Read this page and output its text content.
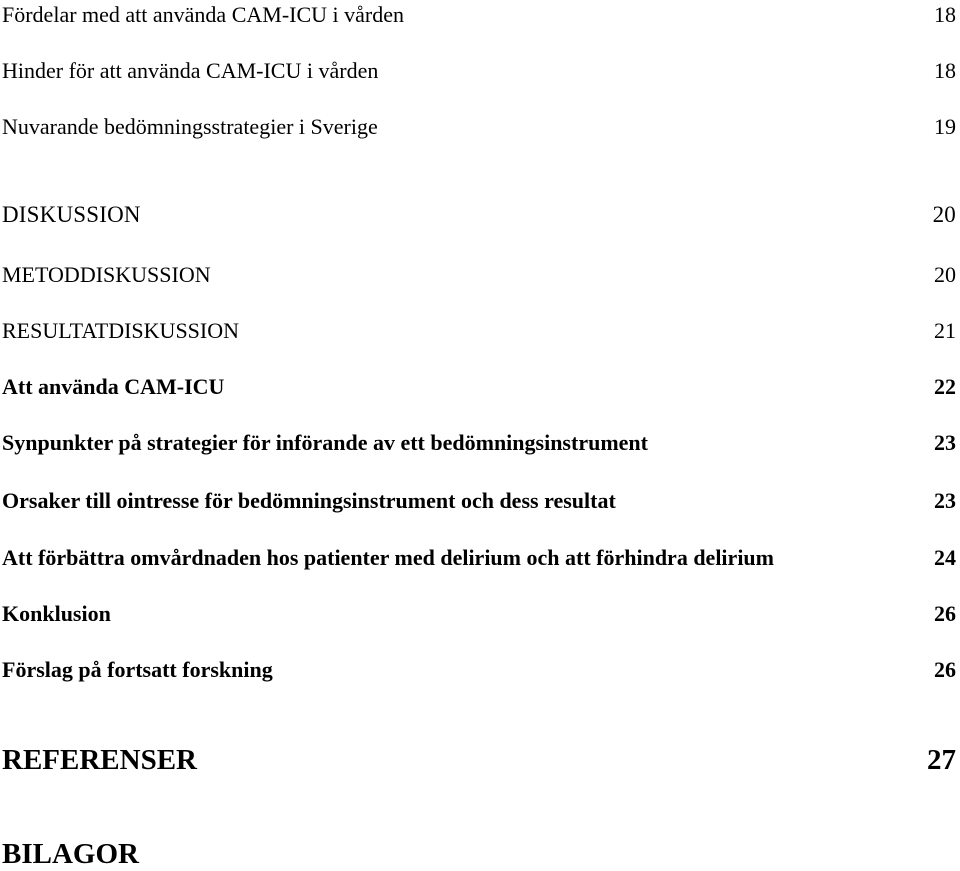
Fördelar med att använda CAM-ICU i vården	18
Hinder för att använda CAM-ICU i vården	18
Nuvarande bedömningsstrategier i Sverige	19
DISKUSSION	20
METODDISKUSSION	20
RESULTATDISKUSSION	21
Att använda CAM-ICU	22
Synpunkter på strategier för införande av ett bedömningsinstrument	23
Orsaker till ointresse för bedömningsinstrument och dess resultat	23
Att förbättra omvårdnaden hos patienter med delirium och att förhindra delirium	24
Konklusion	26
Förslag på fortsatt forskning	26
REFERENSER	27
BILAGOR
